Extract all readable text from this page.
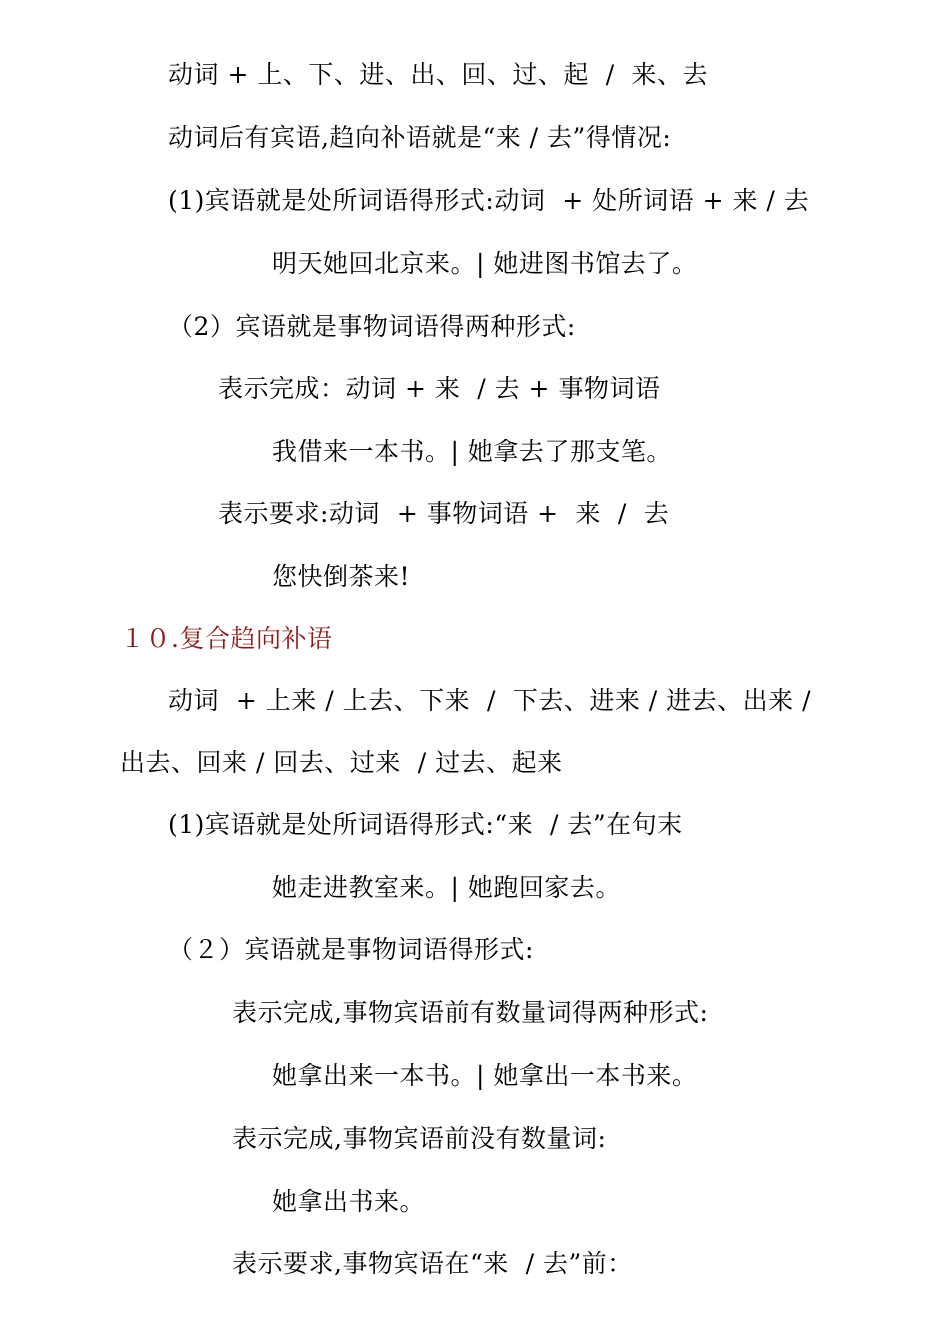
动词 + 上、下、进、出、回、过、起  /  来、去
动词后有宾语,趋向补语就是“来 / 去”得情况:
(1)宾语就是处所词语得形式:动词  + 处所词语 + 来 / 去
明天她回北京来。| 她进图书馆去了。
（2）宾语就是事物词语得两种形式:
表示完成：动词 + 来  / 去 + 事物词语
我借来一本书。| 她拿去了那支笔。
表示要求:动词  + 事物词语 +  来  /  去
您快倒茶来!
１０.复合趋向补语
动词  + 上来 / 上去、下来  /  下去、进来 / 进去、出来 /
出去、回来 / 回去、过来  / 过去、起来
(1)宾语就是处所词语得形式:“来  / 去”在句末
她走进教室来。| 她跑回家去。
（２）宾语就是事物词语得形式:
表示完成,事物宾语前有数量词得两种形式:
她拿出来一本书。| 她拿出一本书来。
表示完成,事物宾语前没有数量词:
她拿出书来。
表示要求,事物宾语在“来  / 去”前：
